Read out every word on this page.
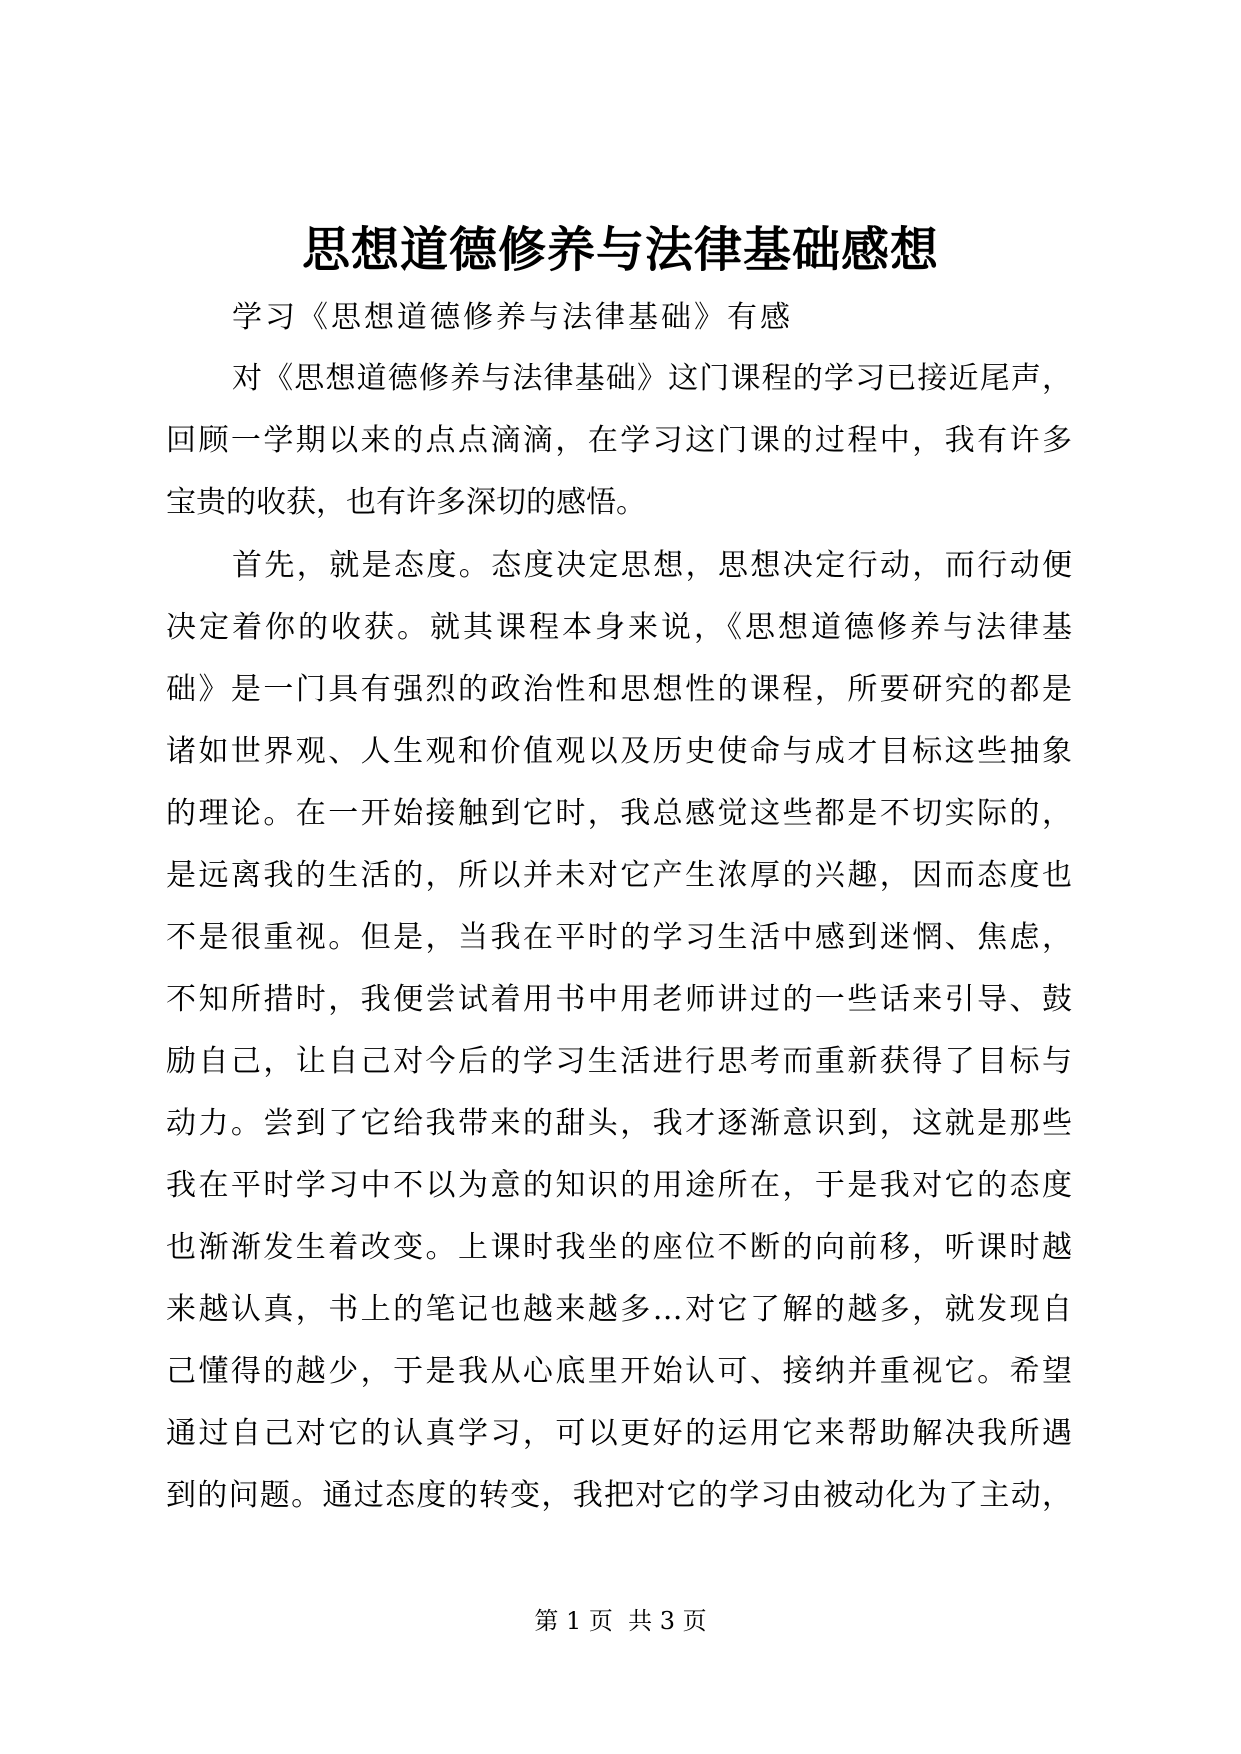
思想道德修养与法律基础感想
学习《思想道德修养与法律基础》有感
对《思想道德修养与法律基础》这门课程的学习已接近尾声，
回顾一学期以来的点点滴滴，在学习这门课的过程中，我有许多
宝贵的收获，也有许多深切的感悟。
首先，就是态度。态度决定思想，思想决定行动，而行动便
决定着你的收获。就其课程本身来说，《思想道德修养与法律基
础》是一门具有强烈的政治性和思想性的课程，所要研究的都是
诸如世界观、人生观和价值观以及历史使命与成才目标这些抽象
的理论。在一开始接触到它时，我总感觉这些都是不切实际的，
是远离我的生活的，所以并未对它产生浓厚的兴趣，因而态度也
不是很重视。但是，当我在平时的学习生活中感到迷惘、焦虑，
不知所措时，我便尝试着用书中用老师讲过的一些话来引导、鼓
励自己，让自己对今后的学习生活进行思考而重新获得了目标与
动力。尝到了它给我带来的甜头，我才逐渐意识到，这就是那些
我在平时学习中不以为意的知识的用途所在，于是我对它的态度
也渐渐发生着改变。上课时我坐的座位不断的向前移，听课时越
来越认真，书上的笔记也越来越多…对它了解的越多，就发现自
己懂得的越少，于是我从心底里开始认可、接纳并重视它。希望
通过自己对它的认真学习，可以更好的运用它来帮助解决我所遇
到的问题。通过态度的转变，我把对它的学习由被动化为了主动，
第 1 页  共 3 页
